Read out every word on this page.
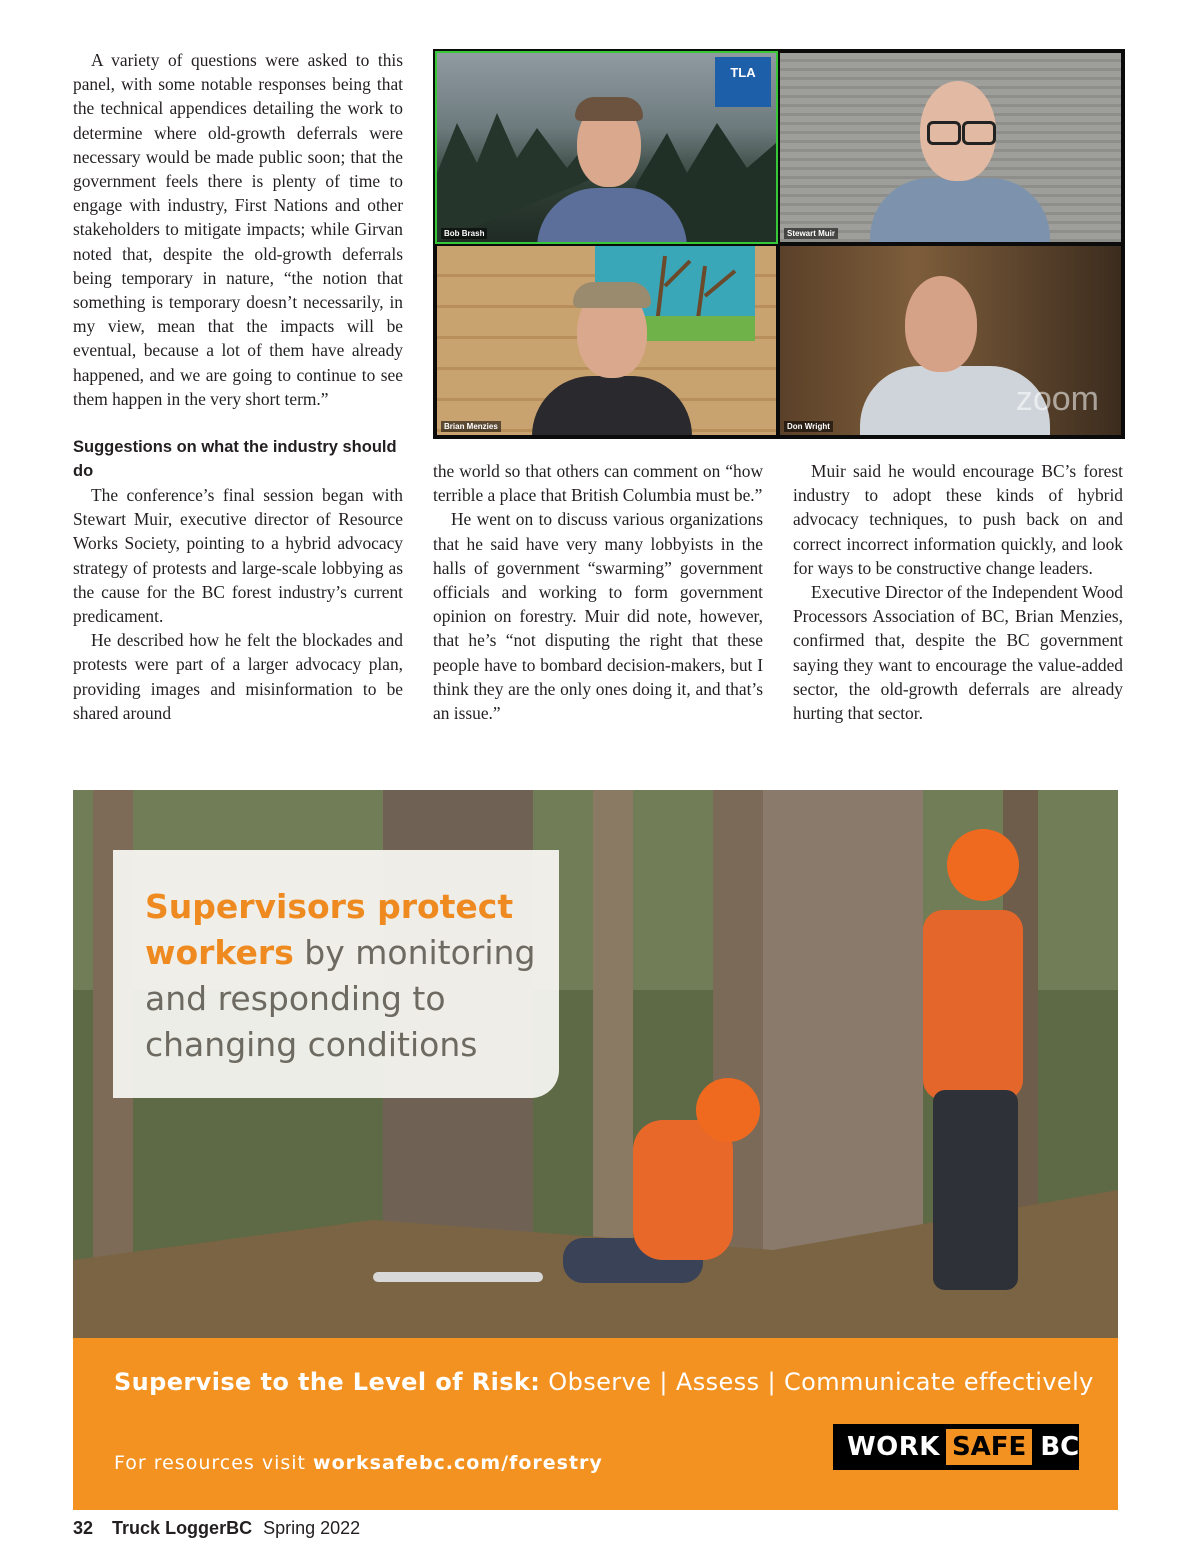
A variety of questions were asked to this panel, with some notable responses being that the technical appendices detailing the work to determine where old-growth deferrals were necessary would be made public soon; that the government feels there is plenty of time to engage with industry, First Nations and other stakeholders to mitigate impacts; while Girvan noted that, despite the old-growth deferrals being temporary in nature, “the notion that something is temporary doesn’t necessarily, in my view, mean that the impacts will be eventual, because a lot of them have already happened, and we are going to continue to see them happen in the very short term.”

Suggestions on what the industry should do

The conference’s final session began with Stewart Muir, executive director of Resource Works Society, pointing to a hybrid advocacy strategy of protests and large-scale lobbying as the cause for the BC forest industry’s current predicament.

He described how he felt the blockades and protests were part of a larger advocacy plan, providing images and misinformation to be shared around

TLA
Bob Brash	Stewart Muir
Brian Menzies
zoom
Don Wright

the world so that others can comment on “how terrible a place that British Columbia must be.”

He went on to discuss various organizations that he said have very many lobbyists in the halls of government “swarming” government officials and working to form government opinion on forestry. Muir did note, however, that he’s “not disputing the right that these people have to bombard decision-makers, but I think they are the only ones doing it, and that’s an issue.”

Muir said he would encourage BC’s forest industry to adopt these kinds of hybrid advocacy techniques, to push back on and correct incorrect information quickly, and look for ways to be constructive change leaders.

Executive Director of the Independent Wood Processors Association of BC, Brian Menzies, confirmed that, despite the BC government saying they want to encourage the value-added sector, the old-growth deferrals are already hurting that sector.

Supervisors protect workers by monitoring and responding to changing conditions
Supervise to the Level of Risk: Observe | Assess | Communicate effectively
For resources visit worksafebc.com/forestry
WORK SAFE BC
32 Truck LoggerBC Spring 2022
